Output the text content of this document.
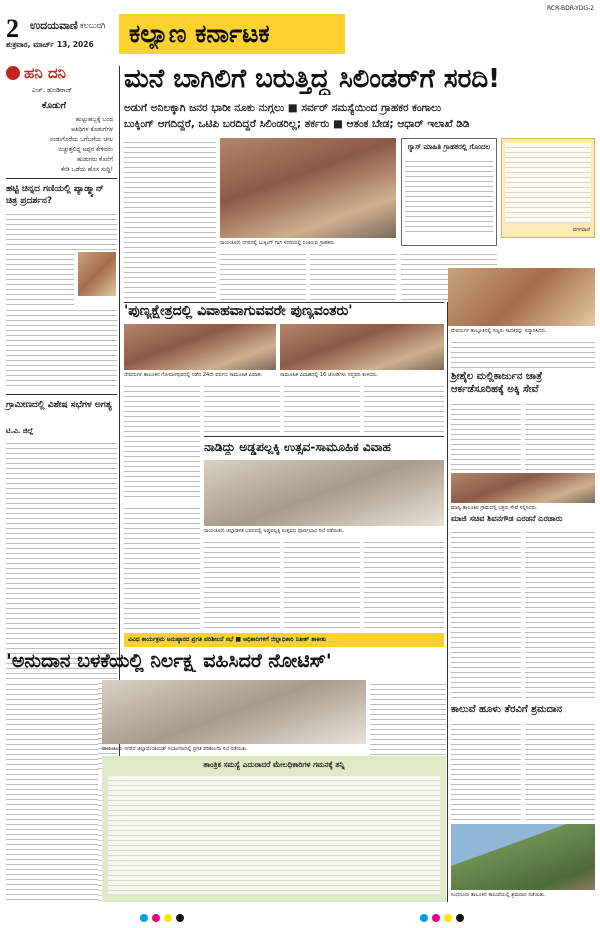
2 ಉದಯವಾಣಿ ಕಲಬುರಗಿ
ಶುಕ್ರವಾರ, ಮಾರ್ಚ್ 13, 2026	ಕಲ್ಯಾಣ ಕರ್ನಾಟಕ
RCR-BDR-YDG-2
ಹನಿ ದನಿ
ಎಚ್. ಡುಂಡಿರಾಜ್
ಕೊಡುಗೆ
ಹುಟ್ಟುಹಬ್ಬಕ್ಕೆ ಬಂದ
ಅತಿಥಿಗಳ ಕೊಡುಗೆಗಳ
ಉಡುಗೊರೆಯ ಬಗೆಬಗೆಯ ಚೀಲ
ಬಿಚ್ಚುತ್ತಲಿದ್ದ ಅಪ್ಪನ ಕೇಳಿದರು
ಹುಡುಗರು ಕೊನೆಗೆ
ಕೇಡಿ ಒಡೆಯ ಹೊಸ ಸುದ್ದಿ!
ಹಟ್ಟಿ ಚಿನ್ನದ ಗಣಿಯಲ್ಲಿ ಪ್ಯಾಡ್ಮ್ಯಾನ್ ಚಿತ್ರ ಪ್ರದರ್ಶನ?
ಗ್ರಾಮೀಣದಲ್ಲಿ ವಿಶೇಷ ಸಭೆಗಳ ಅಗತ್ಯ
ಟಿ.ವಿ. ಜಿಲ್ಲೆ
ಮನೆ ಬಾಗಿಲಿಗೆ ಬರುತ್ತಿದ್ದ ಸಿಲಿಂಡರ್‌ಗೆ ಸರದಿ!
ಅಡುಗೆ ಅನಿಲಕ್ಕಾಗಿ ಜನರ ಭಾರೀ ನೂಕು ನುಗ್ಗಲು ■ ಸರ್ವರ್ ಸಮಸ್ಯೆಯಿಂದ ಗ್ರಾಹಕರ ಕಂಗಾಲು
ಬುಕ್ಕಿಂಗ್ ಆಗದಿದ್ದರೆ, ಒಟಿಪಿ ಬರದಿದ್ದರೆ ಸಿಲಿಂಡರಿಲ್ಲ; ತರ್ಕರು ■ ಆತಂಕ ಬೇಡ; ಆಧಾರ್ ಇಲಾಖೆ ಡಿಡಿ
ರಾಯಚೂರು ನಗರದಲ್ಲಿ ಬುಕ್ಕಿಂಗ್ ಗಾಗಿ ಸರದಿಯಲ್ಲಿ ನಿಂತಿರುವ ಗ್ರಾಹಕರು.
ಗ್ಯಾಸ್ ಮಾಹಿತಿ ಗ್ರಾಹಕರಲ್ಲಿ ಗೊಂದಲ
ವರ್ಗವಾಣಿ
'ಪುಣ್ಯಕ್ಷೇತ್ರದಲ್ಲಿ ವಿವಾಹವಾಗುವವರೇ ಪುಣ್ಯವಂತರು'
ದೇವದುರ್ಗ ತಾಲೂಕಿನ ಗೋಪಾಳಪುರದಲ್ಲಿ ನಡೆದ 24ನೇ ವರ್ಷದ ಸಾಮೂಹಿಕ ವಿವಾಹ.	ಸಾಮೂಹಿಕ ವಿವಾಹದಲ್ಲಿ 16 ಜೋಡಿಗಳು ಸಪ್ತಪದಿ ತುಳಿದರು.
ನಾಡಿದ್ದು ಅಡ್ಡಪಲ್ಲಕ್ಕಿ ಉತ್ಸವ-ಸಾಮೂಹಿಕ ವಿವಾಹ
ರಾಯಚೂರು ಜಿಲ್ಲಾಡಳಿತ ಭವನದಲ್ಲಿ ಅಡ್ಡಪಲ್ಲಕ್ಕಿ ಉತ್ಸವದ ಪೂರ್ವಭಾವಿ ಸಭೆ ನಡೆಯಿತು.
ವಿವಿಧ ಕಾರ್ಯಕ್ರಮ ಅನುಷ್ಠಾನದ ಪ್ರಗತಿ ಪರಿಶೀಲನೆ ಸಭೆ ■ ಅಧಿಕಾರಿಗಳಿಗೆ ಜಿಲ್ಲಾಧಿಕಾರಿ ನಿತೀಶ್ ತಾಕೀತು
'ಅನುದಾನ ಬಳಕೆಯಲ್ಲಿ ನಿರ್ಲಕ್ಷ್ಯ ವಹಿಸಿದರೆ ನೋಟಿಸ್'
ರಾಯಚೂರು ನಗರದ ಜಿಲ್ಲಾಪಂಚಾಯತ್ ಸಭಾಂಗಣದಲ್ಲಿ ಪ್ರಗತಿ ಪರಿಶೀಲನಾ ಸಭೆ ನಡೆಯಿತು.
ತಾಂತ್ರಿಕ ಸಮಸ್ಯೆ ಎದುರಾದರೆ ಮೇಲಧಿಕಾರಿಗಳ ಗಮನಕ್ಕೆ ತನ್ನಿ
ದೇವದುರ್ಗ ತಾಲ್ಲೂಕಿನಲ್ಲಿ ಗಣ್ಯರು ಸಾಧಕರನ್ನು ಸನ್ಮಾನಿಸಿದರು.
ಶ್ರೀಶೈಲ ಮಲ್ಲಿಕಾರ್ಜುನ ಜಾತ್ರೆ ಆರ್ಕಡೆಸೂರಿಹಕ್ಕೆ ಅಕ್ಕಿ ಸೇವೆ
ಮಾನ್ವಿ ತಾಲೂಕಿನ ಗ್ರಾಮದಲ್ಲಿ ಭಕ್ತರು ಸೇವೆ ಸಲ್ಲಿಸಿದರು.
ಮಾಜಿ ಸಚಿವ ಶಿವನಗೌಡ ಎರಡನೆ ಎರಡಾರು
ಕಾಲುವೆ ಹೂಳು ತೆರವಿಗೆ ಶ್ರಮದಾನ
ಸಿಂಧನೂರು ತಾಲೂಕಿನ ಕಾಲುವೆಯಲ್ಲಿ ಶ್ರಮದಾನ ನಡೆಯಿತು.
